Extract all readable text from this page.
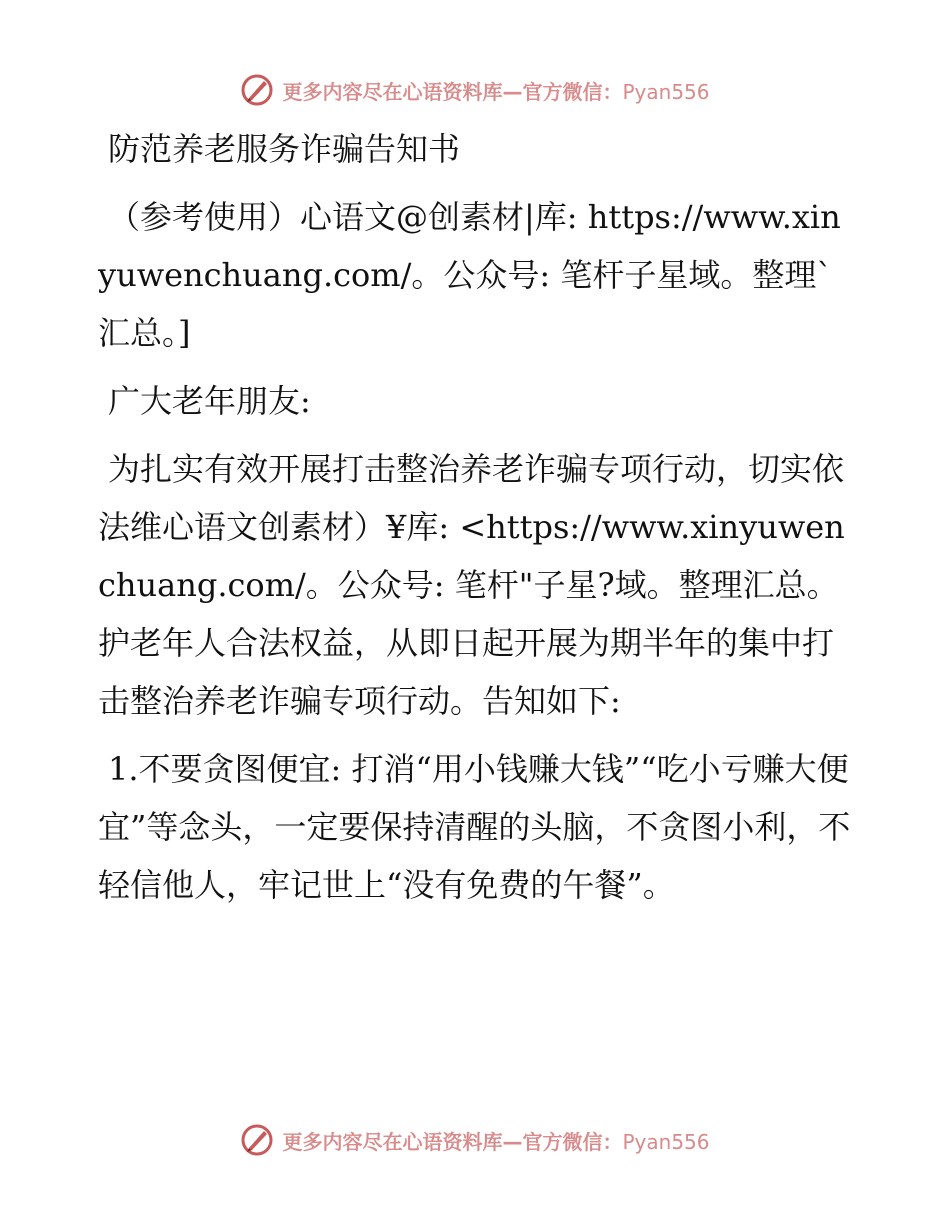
更多内容尽在心语资料库—官方微信：Pyan556

防范养老服务诈骗告知书

（参考使用）心语文@创素材|库: https://www.xinyuwenchuang.com/。公众号: 笔杆子星域。整理`汇总。]

广大老年朋友:

为扎实有效开展打击整治养老诈骗专项行动，切实依法维心语文创素材）¥库: <https://www.xinyuwenchuang.com/。公众号: 笔杆"子星?域。整理汇总。护老年人合法权益，从即日起开展为期半年的集中打击整治养老诈骗专项行动。告知如下:

1.不要贪图便宜: 打消“用小钱赚大钱”“吃小亏赚大便宜”等念头，一定要保持清醒的头脑，不贪图小利，不轻信他人，牢记世上“没有免费的午餐”。

更多内容尽在心语资料库—官方微信：Pyan556
